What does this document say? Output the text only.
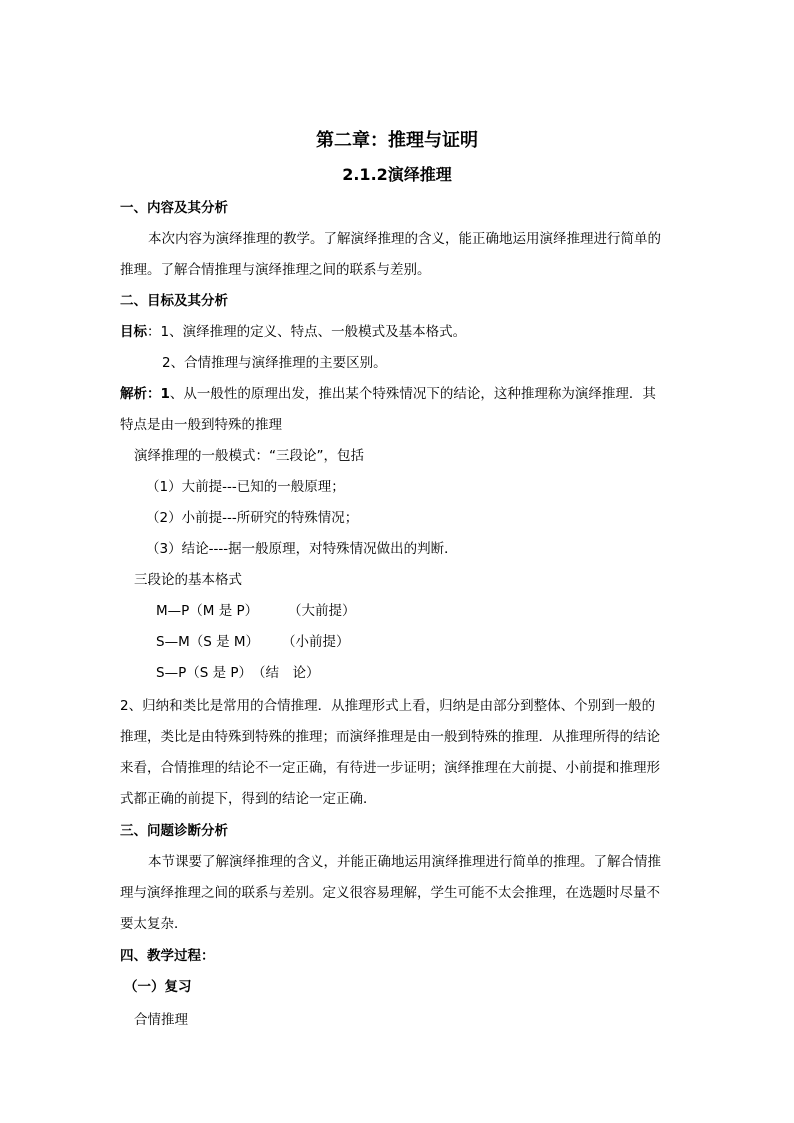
第二章：推理与证明
2.1.2演绎推理
一、内容及其分析
本次内容为演绎推理的教学。了解演绎推理的含义，能正确地运用演绎推理进行简单的
推理。了解合情推理与演绎推理之间的联系与差别。
二、目标及其分析
目标：1、演绎推理的定义、特点、一般模式及基本格式。
2、合情推理与演绎推理的主要区别。
解析：1、从一般性的原理出发，推出某个特殊情况下的结论，这种推理称为演绎推理．其
特点是由一般到特殊的推理
演绎推理的一般模式：“三段论”，包括
（1）大前提---已知的一般原理；
（2）小前提---所研究的特殊情况；
（3）结论----据一般原理，对特殊情况做出的判断．
三段论的基本格式
M—P（M 是 P） （大前提）
S—M（S 是 M） （小前提）
S—P（S 是 P） （结　论）
2、归纳和类比是常用的合情推理．从推理形式上看，归纳是由部分到整体、个别到一般的
推理，类比是由特殊到特殊的推理；而演绎推理是由一般到特殊的推理．从推理所得的结论
来看，合情推理的结论不一定正确，有待进一步证明；演绎推理在大前提、小前提和推理形
式都正确的前提下，得到的结论一定正确．
三、问题诊断分析
本节课要了解演绎推理的含义，并能正确地运用演绎推理进行简单的推理。了解合情推
理与演绎推理之间的联系与差别。定义很容易理解，学生可能不太会推理，在选题时尽量不
要太复杂．
四、教学过程：
（一）复习
合情推理
